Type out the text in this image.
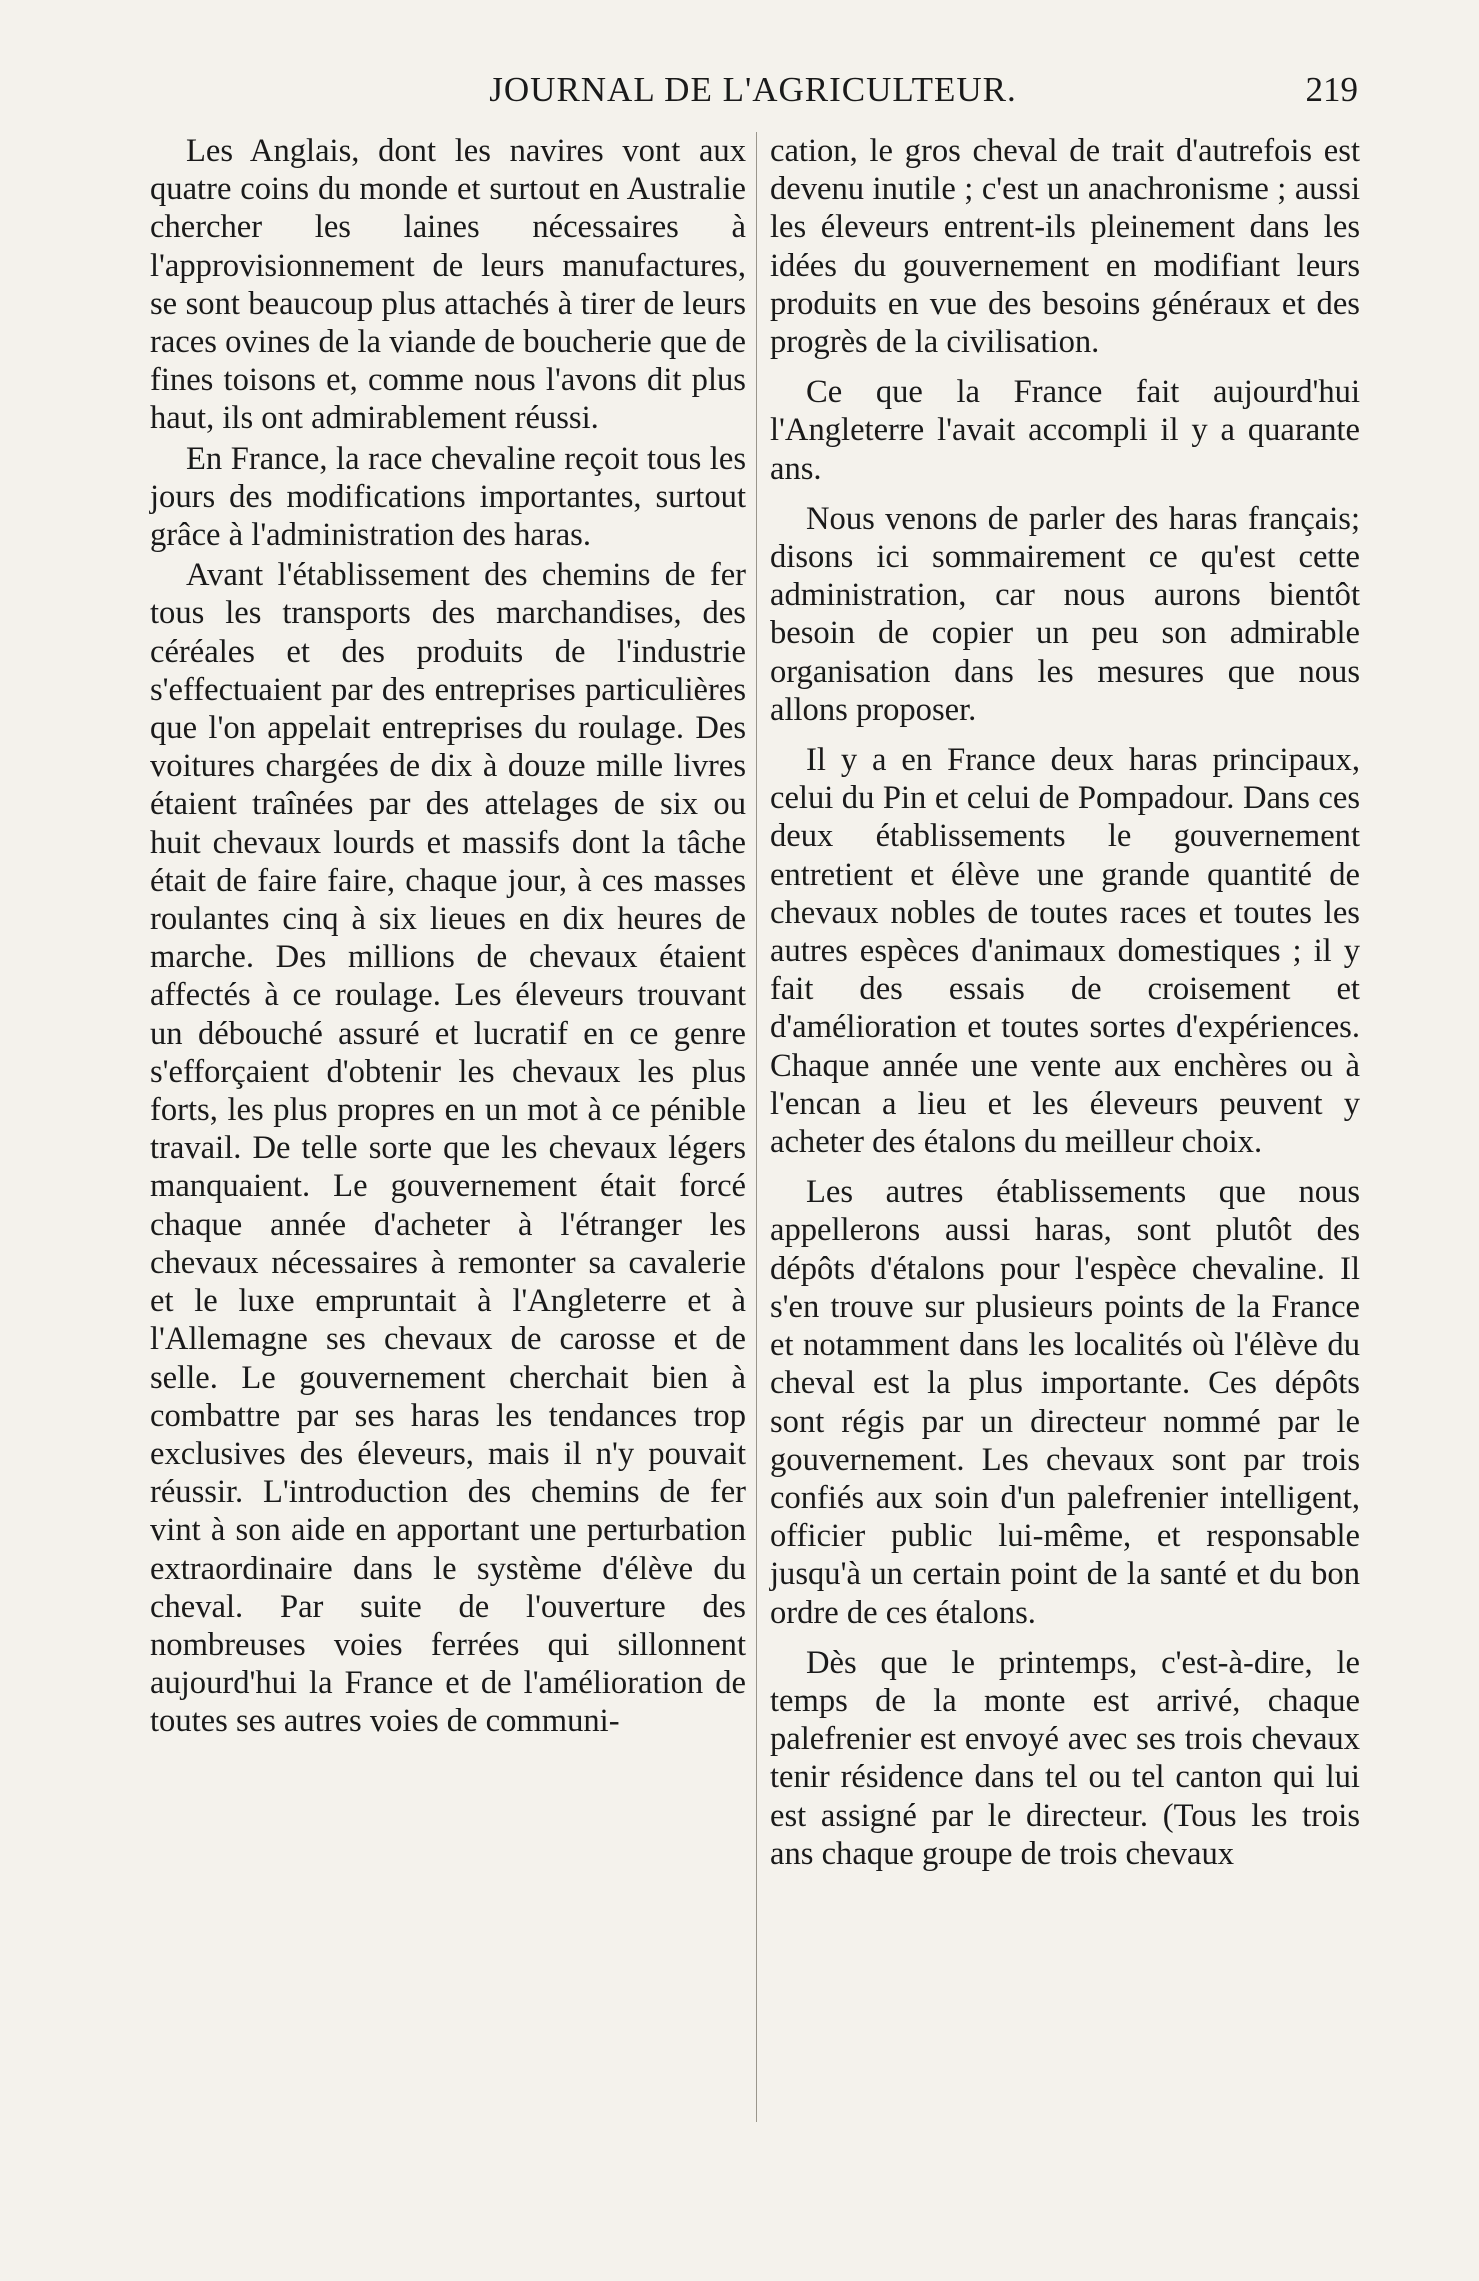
JOURNAL DE L'AGRICULTEUR.	219

Les Anglais, dont les navires vont aux quatre coins du monde et surtout en Australie chercher les laines nécessaires à l'approvisionnement de leurs manufactures, se sont beaucoup plus attachés à tirer de leurs races ovines de la viande de boucherie que de fines toisons et, comme nous l'avons dit plus haut, ils ont admirablement réussi.

En France, la race chevaline reçoit tous les jours des modifications importantes, surtout grâce à l'administration des haras.

Avant l'établissement des chemins de fer tous les transports des marchandises, des céréales et des produits de l'industrie s'effectuaient par des entreprises particulières que l'on appelait entreprises du roulage. Des voitures chargées de dix à douze mille livres étaient traînées par des attelages de six ou huit chevaux lourds et massifs dont la tâche était de faire faire, chaque jour, à ces masses roulantes cinq à six lieues en dix heures de marche. Des millions de chevaux étaient affectés à ce roulage. Les éleveurs trouvant un débouché assuré et lucratif en ce genre s'efforçaient d'obtenir les chevaux les plus forts, les plus propres en un mot à ce pénible travail. De telle sorte que les chevaux légers manquaient. Le gouvernement était forcé chaque année d'acheter à l'étranger les chevaux nécessaires à remonter sa cavalerie et le luxe empruntait à l'Angleterre et à l'Allemagne ses chevaux de carosse et de selle. Le gouvernement cherchait bien à combattre par ses haras les tendances trop exclusives des éleveurs, mais il n'y pouvait réussir. L'introduction des chemins de fer vint à son aide en apportant une perturbation extraordinaire dans le système d'élève du cheval. Par suite de l'ouverture des nombreuses voies ferrées qui sillonnent aujourd'hui la France et de l'amélioration de toutes ses autres voies de communi-

cation, le gros cheval de trait d'autrefois est devenu inutile ; c'est un anachronisme ; aussi les éleveurs entrent-ils pleinement dans les idées du gouvernement en modifiant leurs produits en vue des besoins généraux et des progrès de la civilisation.

Ce que la France fait aujourd'hui l'Angleterre l'avait accompli il y a quarante ans.

Nous venons de parler des haras français; disons ici sommairement ce qu'est cette administration, car nous aurons bientôt besoin de copier un peu son admirable organisation dans les mesures que nous allons proposer.

Il y a en France deux haras principaux, celui du Pin et celui de Pompadour. Dans ces deux établissements le gouvernement entretient et élève une grande quantité de chevaux nobles de toutes races et toutes les autres espèces d'animaux domestiques ; il y fait des essais de croisement et d'amélioration et toutes sortes d'expériences. Chaque année une vente aux enchères ou à l'encan a lieu et les éleveurs peuvent y acheter des étalons du meilleur choix.

Les autres établissements que nous appellerons aussi haras, sont plutôt des dépôts d'étalons pour l'espèce chevaline. Il s'en trouve sur plusieurs points de la France et notamment dans les localités où l'élève du cheval est la plus importante. Ces dépôts sont régis par un directeur nommé par le gouvernement. Les chevaux sont par trois confiés aux soin d'un palefrenier intelligent, officier public lui-même, et responsable jusqu'à un certain point de la santé et du bon ordre de ces étalons.

Dès que le printemps, c'est-à-dire, le temps de la monte est arrivé, chaque palefrenier est envoyé avec ses trois chevaux tenir résidence dans tel ou tel canton qui lui est assigné par le directeur. (Tous les trois ans chaque groupe de trois chevaux
